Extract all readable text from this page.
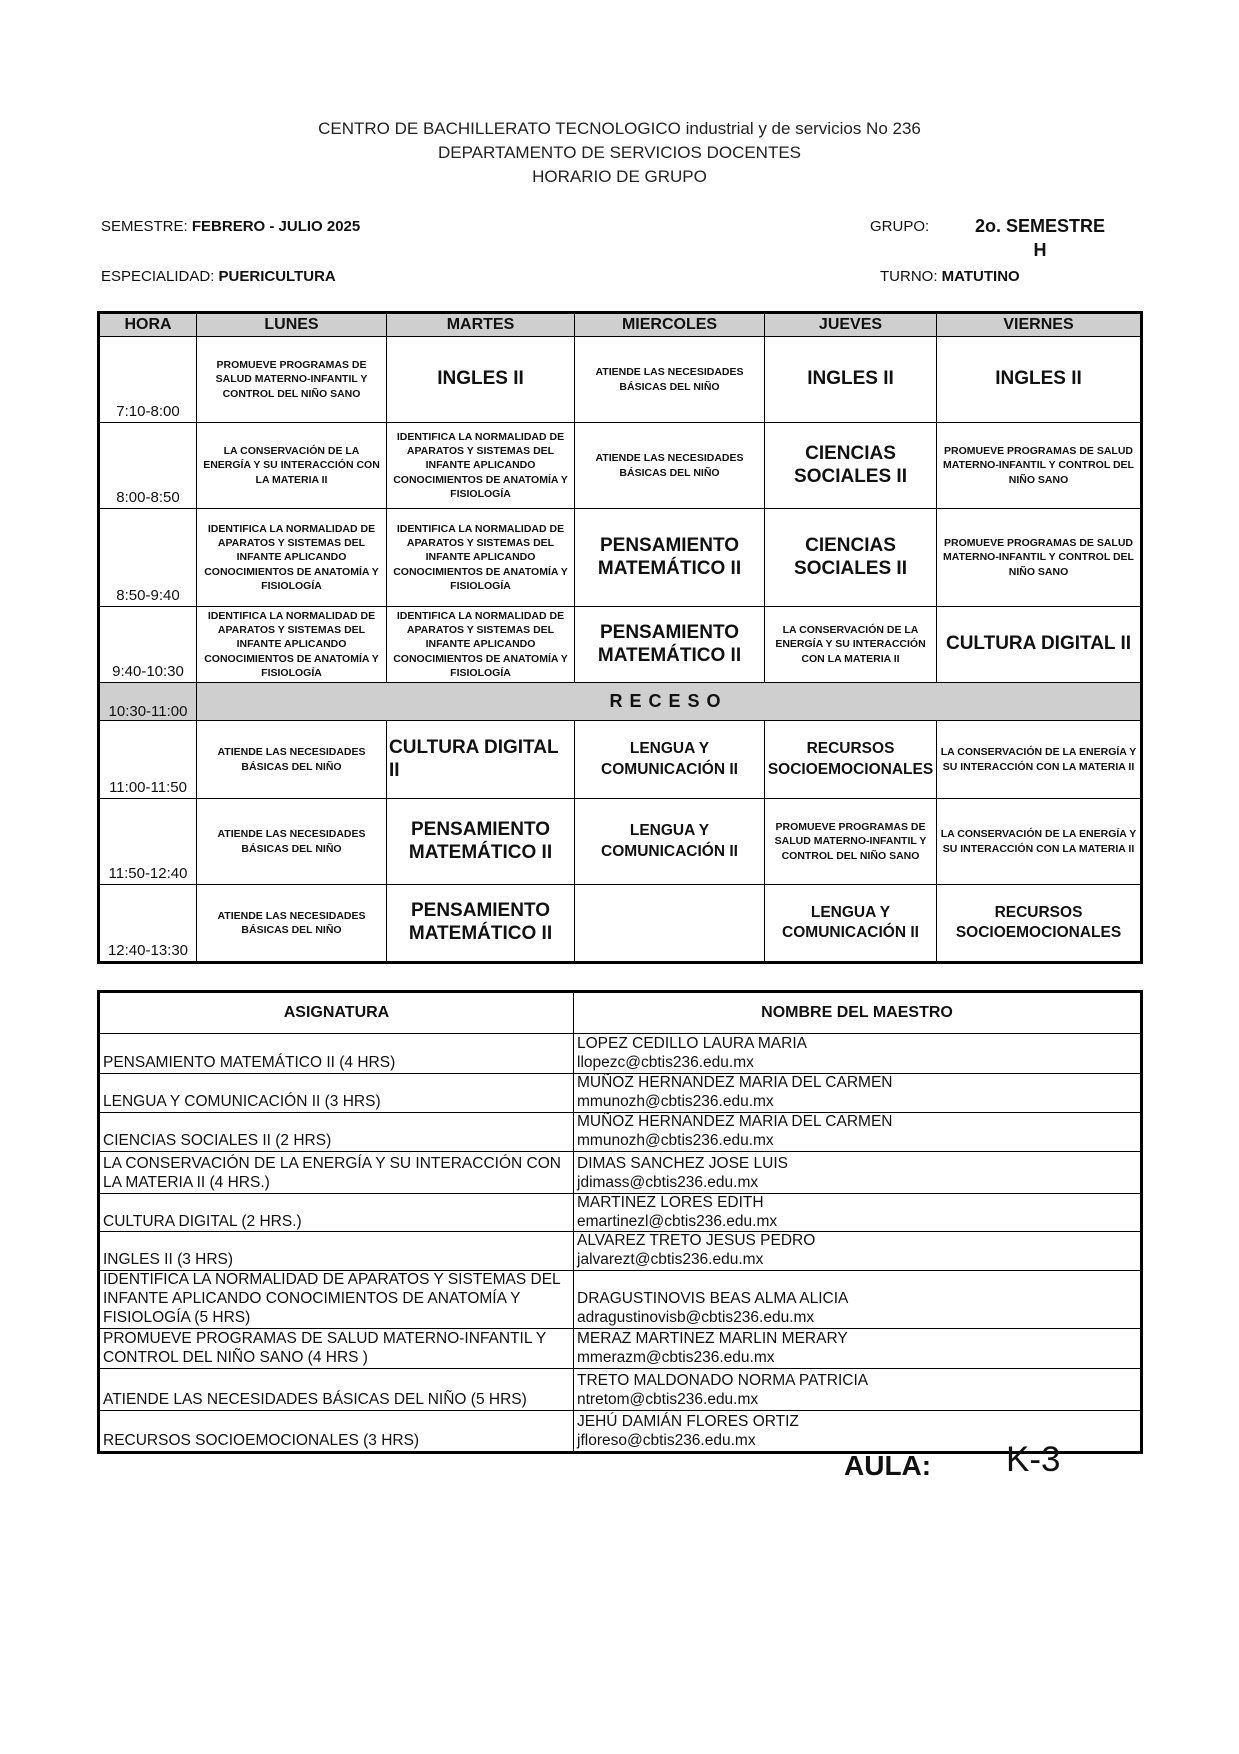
CENTRO DE BACHILLERATO TECNOLOGICO industrial y de servicios No 236
DEPARTAMENTO DE SERVICIOS DOCENTES
HORARIO DE GRUPO
SEMESTRE: FEBRERO - JULIO 2025
ESPECIALIDAD: PUERICULTURA
GRUPO:	2o. SEMESTRE
H
TURNO: MATUTINO
HORA	LUNES	MARTES	MIERCOLES	JUEVES	VIERNES
7:10-8:00	PROMUEVE PROGRAMAS DE SALUD MATERNO-INFANTIL Y CONTROL DEL NIÑO SANO	INGLES II	ATIENDE LAS NECESIDADES BÁSICAS DEL NIÑO	INGLES II	INGLES II
8:00-8:50	LA CONSERVACIÓN DE LA ENERGÍA Y SU INTERACCIÓN CON LA MATERIA II	IDENTIFICA LA NORMALIDAD DE APARATOS Y SISTEMAS DEL INFANTE APLICANDO CONOCIMIENTOS DE ANATOMÍA Y FISIOLOGÍA	ATIENDE LAS NECESIDADES BÁSICAS DEL NIÑO	CIENCIAS SOCIALES II	PROMUEVE PROGRAMAS DE SALUD MATERNO-INFANTIL Y CONTROL DEL NIÑO SANO
8:50-9:40	IDENTIFICA LA NORMALIDAD DE APARATOS Y SISTEMAS DEL INFANTE APLICANDO CONOCIMIENTOS DE ANATOMÍA Y FISIOLOGÍA	IDENTIFICA LA NORMALIDAD DE APARATOS Y SISTEMAS DEL INFANTE APLICANDO CONOCIMIENTOS DE ANATOMÍA Y FISIOLOGÍA	PENSAMIENTO MATEMÁTICO II	CIENCIAS SOCIALES II	PROMUEVE PROGRAMAS DE SALUD MATERNO-INFANTIL Y CONTROL DEL NIÑO SANO
9:40-10:30	IDENTIFICA LA NORMALIDAD DE APARATOS Y SISTEMAS DEL INFANTE APLICANDO CONOCIMIENTOS DE ANATOMÍA Y FISIOLOGÍA	IDENTIFICA LA NORMALIDAD DE APARATOS Y SISTEMAS DEL INFANTE APLICANDO CONOCIMIENTOS DE ANATOMÍA Y FISIOLOGÍA	PENSAMIENTO MATEMÁTICO II	LA CONSERVACIÓN DE LA ENERGÍA Y SU INTERACCIÓN CON LA MATERIA II	CULTURA DIGITAL II
10:30-11:00	RECESO				
11:00-11:50	ATIENDE LAS NECESIDADES BÁSICAS DEL NIÑO	CULTURA DIGITAL II	LENGUA Y COMUNICACIÓN II	RECURSOS SOCIOEMOCIONALES	LA CONSERVACIÓN DE LA ENERGÍA Y SU INTERACCIÓN CON LA MATERIA II
11:50-12:40	ATIENDE LAS NECESIDADES BÁSICAS DEL NIÑO	PENSAMIENTO MATEMÁTICO II	LENGUA Y COMUNICACIÓN II	PROMUEVE PROGRAMAS DE SALUD MATERNO-INFANTIL Y CONTROL DEL NIÑO SANO	LA CONSERVACIÓN DE LA ENERGÍA Y SU INTERACCIÓN CON LA MATERIA II
12:40-13:30	ATIENDE LAS NECESIDADES BÁSICAS DEL NIÑO	PENSAMIENTO MATEMÁTICO II		LENGUA Y COMUNICACIÓN II	RECURSOS SOCIOEMOCIONALES
ASIGNATURA	NOMBRE DEL MAESTRO
PENSAMIENTO MATEMÁTICO II (4 HRS)	LOPEZ CEDILLO LAURA MARIA
llopezc@cbtis236.edu.mx

LENGUA Y COMUNICACIÓN II (3 HRS)	MUÑOZ HERNANDEZ MARIA DEL CARMEN
mmunozh@cbtis236.edu.mx

CIENCIAS SOCIALES II (2 HRS)	MUÑOZ HERNANDEZ MARIA DEL CARMEN
mmunozh@cbtis236.edu.mx

LA CONSERVACIÓN DE LA ENERGÍA Y SU INTERACCIÓN CON LA MATERIA II (4 HRS.)	DIMAS SANCHEZ JOSE LUIS
jdimass@cbtis236.edu.mx

CULTURA DIGITAL (2 HRS.)	MARTINEZ LORES EDITH
emartinezl@cbtis236.edu.mx

INGLES II (3 HRS)	ALVAREZ TRETO JESUS PEDRO
jalvarezt@cbtis236.edu.mx

IDENTIFICA LA NORMALIDAD DE APARATOS Y SISTEMAS DEL INFANTE APLICANDO CONOCIMIENTOS DE ANATOMÍA Y FISIOLOGÍA (5 HRS)	DRAGUSTINOVIS BEAS ALMA ALICIA
adragustinovisb@cbtis236.edu.mx

PROMUEVE PROGRAMAS DE SALUD MATERNO-INFANTIL Y CONTROL DEL NIÑO SANO (4 HRS )	MERAZ MARTINEZ MARLIN MERARY
mmerazm@cbtis236.edu.mx

ATIENDE LAS NECESIDADES BÁSICAS DEL NIÑO (5 HRS)	TRETO MALDONADO NORMA PATRICIA
ntretom@cbtis236.edu.mx

RECURSOS SOCIOEMOCIONALES (3 HRS)	JEHÚ DAMIÁN FLORES ORTIZ
jfloreso@cbtis236.edu.mx
AULA: K-3
